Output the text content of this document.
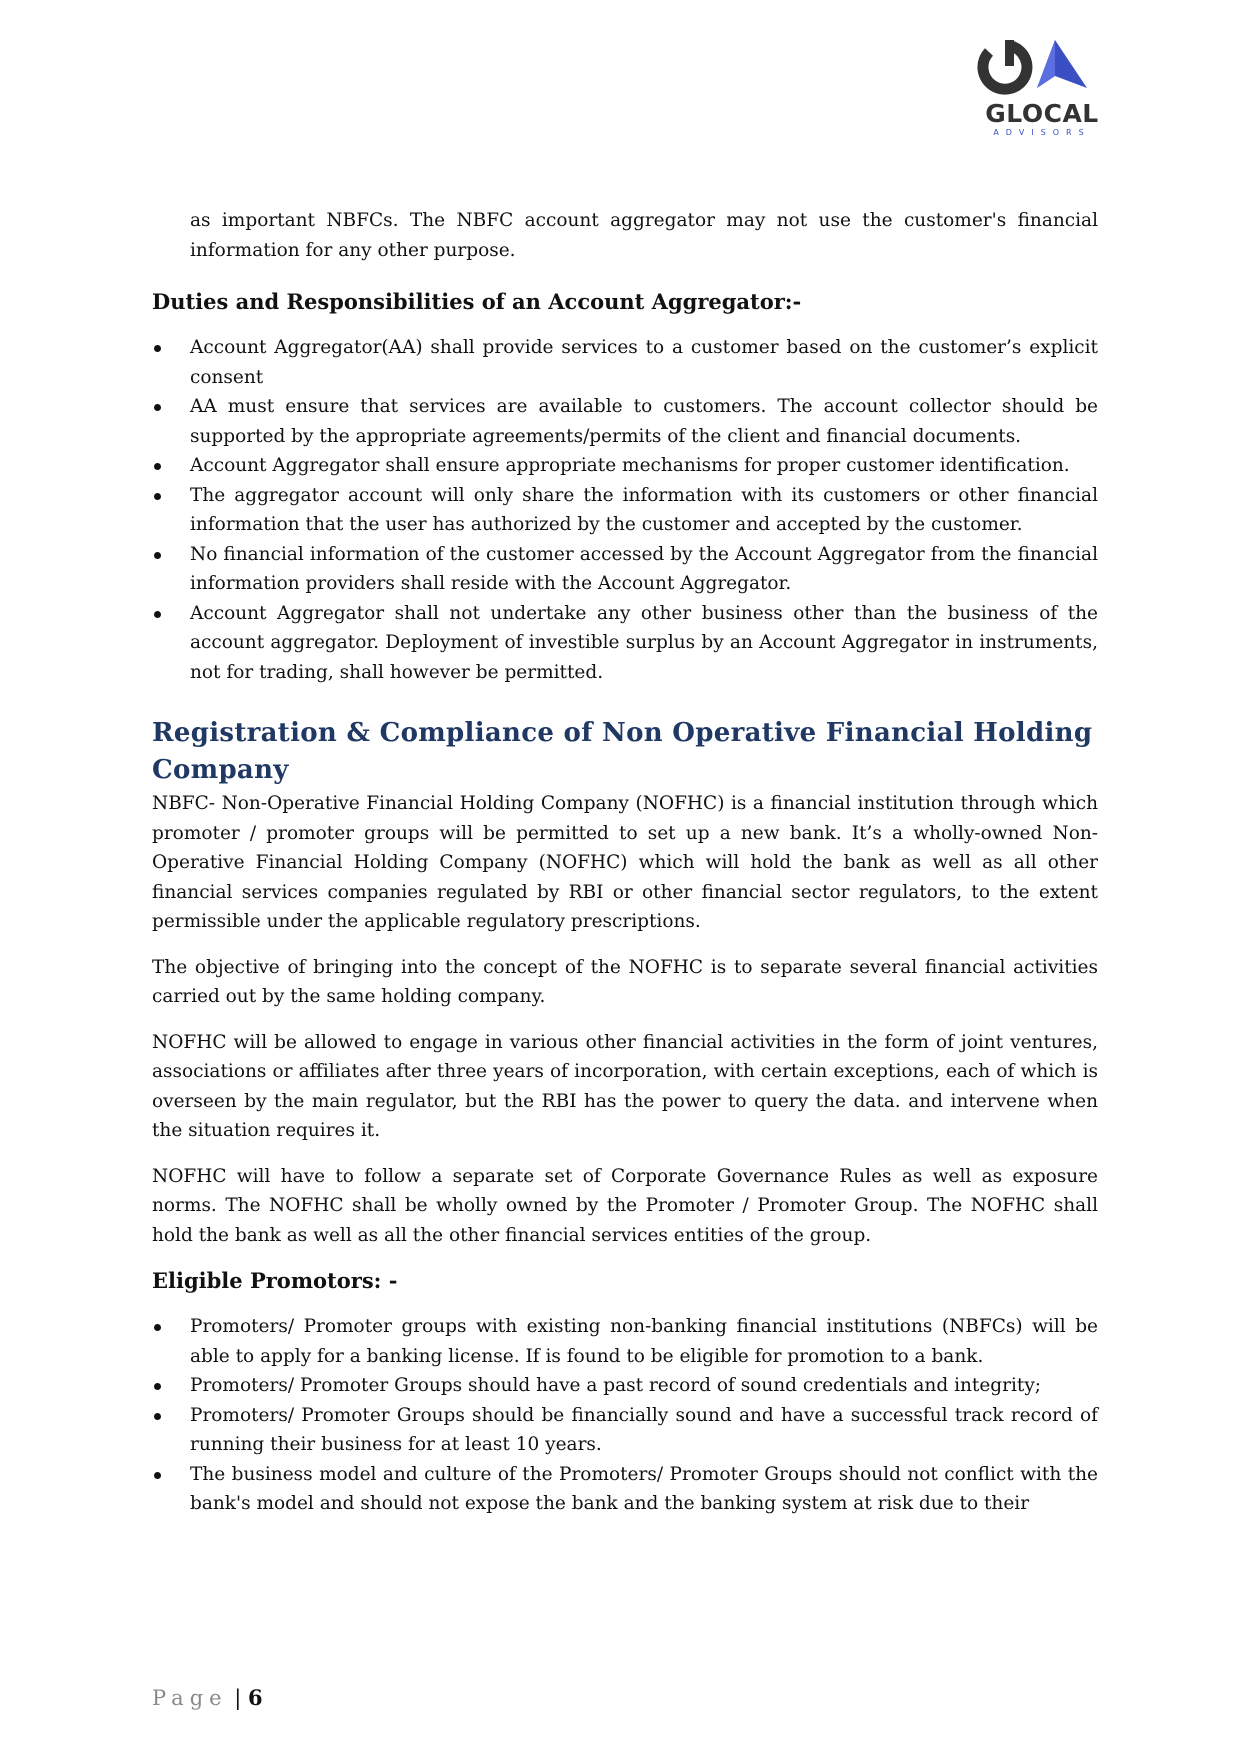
GLOCAL
ADVISORS

as important NBFCs. The NBFC account aggregator may not use the customer's financial information for any other purpose.

Duties and Responsibilities of an Account Aggregator:-
Account Aggregator(AA) shall provide services to a customer based on the customer’s explicit consent
AA must ensure that services are available to customers. The account collector should be supported by the appropriate agreements/permits of the client and financial documents.
Account Aggregator shall ensure appropriate mechanisms for proper customer identification.
The aggregator account will only share the information with its customers or other financial information that the user has authorized by the customer and accepted by the customer.
No financial information of the customer accessed by the Account Aggregator from the financial information providers shall reside with the Account Aggregator.
Account Aggregator shall not undertake any other business other than the business of the account aggregator. Deployment of investible surplus by an Account Aggregator in instruments, not for trading, shall however be permitted.
Registration & Compliance of Non Operative Financial Holding Company

NBFC- Non-Operative Financial Holding Company (NOFHC) is a financial institution through which promoter / promoter groups will be permitted to set up a new bank. It’s a wholly-owned Non- Operative Financial Holding Company (NOFHC) which will hold the bank as well as all other financial services companies regulated by RBI or other financial sector regulators, to the extent permissible under the applicable regulatory prescriptions.

The objective of bringing into the concept of the NOFHC is to separate several financial activities carried out by the same holding company.

NOFHC will be allowed to engage in various other financial activities in the form of joint ventures, associations or affiliates after three years of incorporation, with certain exceptions, each of which is overseen by the main regulator, but the RBI has the power to query the data. and intervene when the situation requires it.

NOFHC will have to follow a separate set of Corporate Governance Rules as well as exposure norms. The NOFHC shall be wholly owned by the Promoter / Promoter Group. The NOFHC shall hold the bank as well as all the other financial services entities of the group.

Eligible Promotors: -
Promoters/ Promoter groups with existing non-banking financial institutions (NBFCs) will be able to apply for a banking license. If is found to be eligible for promotion to a bank.
Promoters/ Promoter Groups should have a past record of sound credentials and integrity;
Promoters/ Promoter Groups should be financially sound and have a successful track record of running their business for at least 10 years.
The business model and culture of the Promoters/ Promoter Groups should not conflict with the bank's model and should not expose the bank and the banking system at risk due to their
Page | 6
